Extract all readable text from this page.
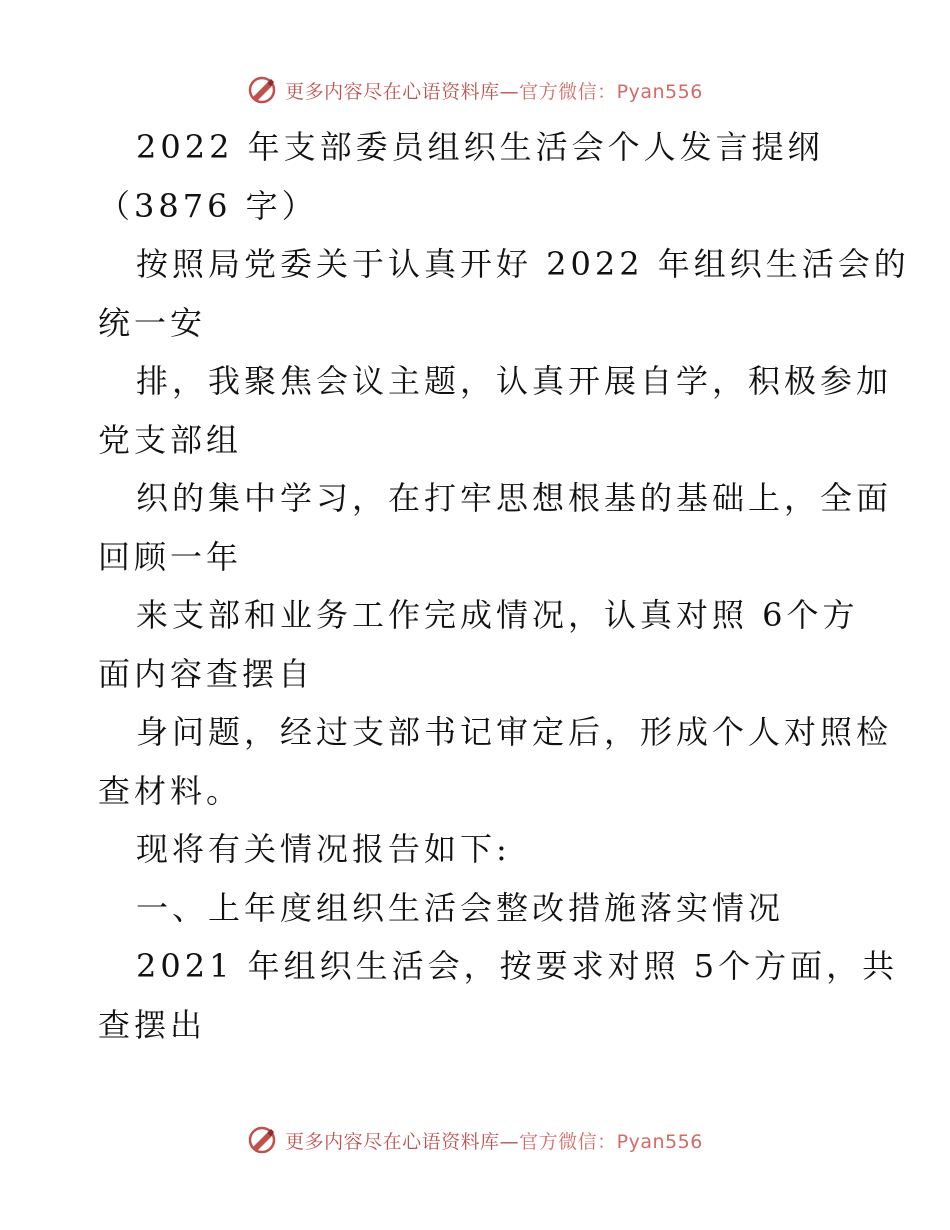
更多内容尽在心语资料库—官方微信：Pyan556
2022 年支部委员组织生活会个人发言提纲
（3876 字）
按照局党委关于认真开好 2022 年组织生活会的
统一安
排，我聚焦会议主题，认真开展自学，积极参加
党支部组
织的集中学习，在打牢思想根基的基础上，全面
回顾一年
来支部和业务工作完成情况，认真对照 6个方
面内容查摆自
身问题，经过支部书记审定后，形成个人对照检
查材料。
现将有关情况报告如下:
一、上年度组织生活会整改措施落实情况
2021 年组织生活会，按要求对照 5个方面，共
查摆出
更多内容尽在心语资料库—官方微信：Pyan556
